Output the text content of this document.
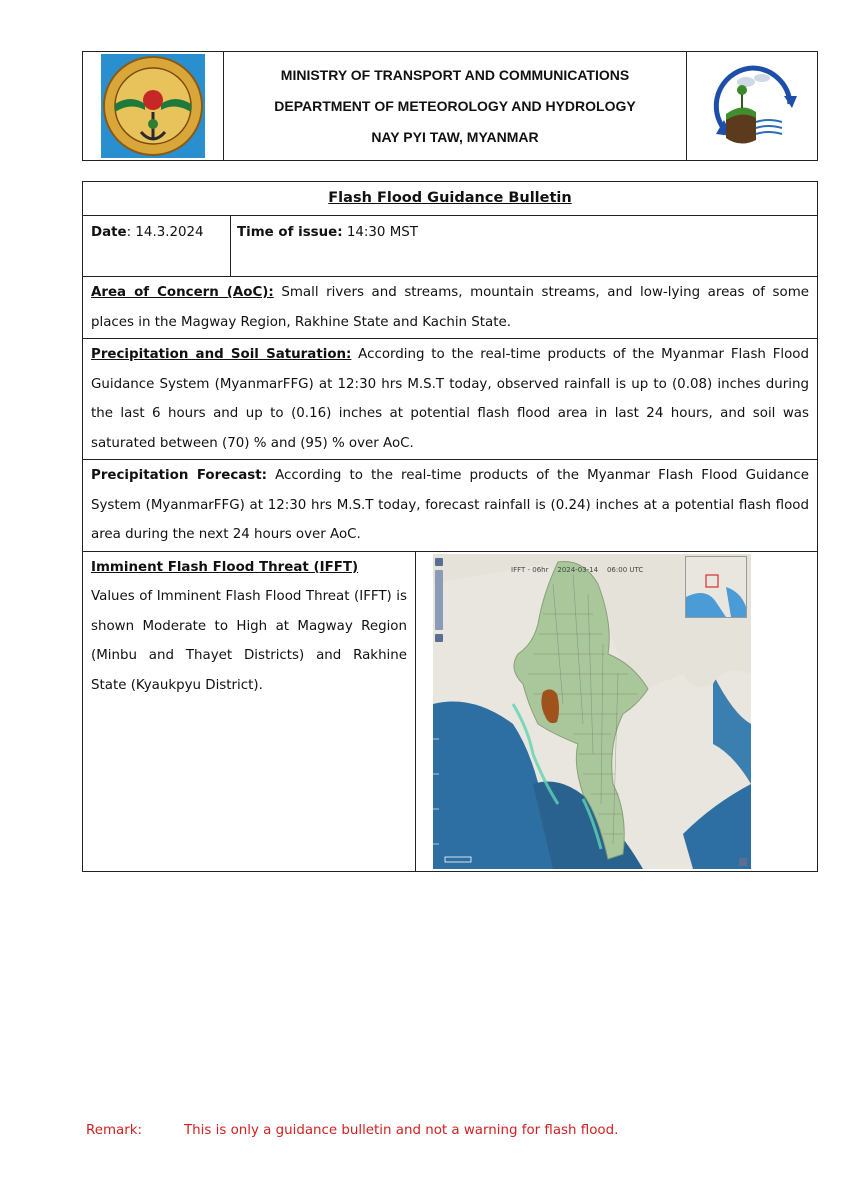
MINISTRY OF TRANSPORT AND COMMUNICATIONS
DEPARTMENT OF METEOROLOGY AND HYDROLOGY
NAY PYI TAW, MYANMAR
Flash Flood Guidance Bulletin
Date: 14.3.2024	Time of issue: 14:30 MST
Area of Concern (AoC): Small rivers and streams, mountain streams, and low-lying areas of some places in the Magway Region, Rakhine State and Kachin State.
Precipitation and Soil Saturation: According to the real-time products of the Myanmar Flash Flood Guidance System (MyanmarFFG) at 12:30 hrs M.S.T today, observed rainfall is up to (0.08) inches during the last 6 hours and up to (0.16) inches at potential flash flood area in last 24 hours, and soil was saturated between (70) % and (95) % over AoC.
Precipitation Forecast: According to the real-time products of the Myanmar Flash Flood Guidance System (MyanmarFFG) at 12:30 hrs M.S.T today, forecast rainfall is (0.24) inches at a potential flash flood area during the next 24 hours over AoC.
Imminent Flash Flood Threat (IFFT)
Values of Imminent Flash Flood Threat (IFFT) is shown Moderate to High at Magway Region (Minbu and Thayet Districts) and Rakhine State (Kyaukpyu District).
IFFT - 06hr 2024-03-14 06:00 UTC
Remark:	This is only a guidance bulletin and not a warning for flash flood.
